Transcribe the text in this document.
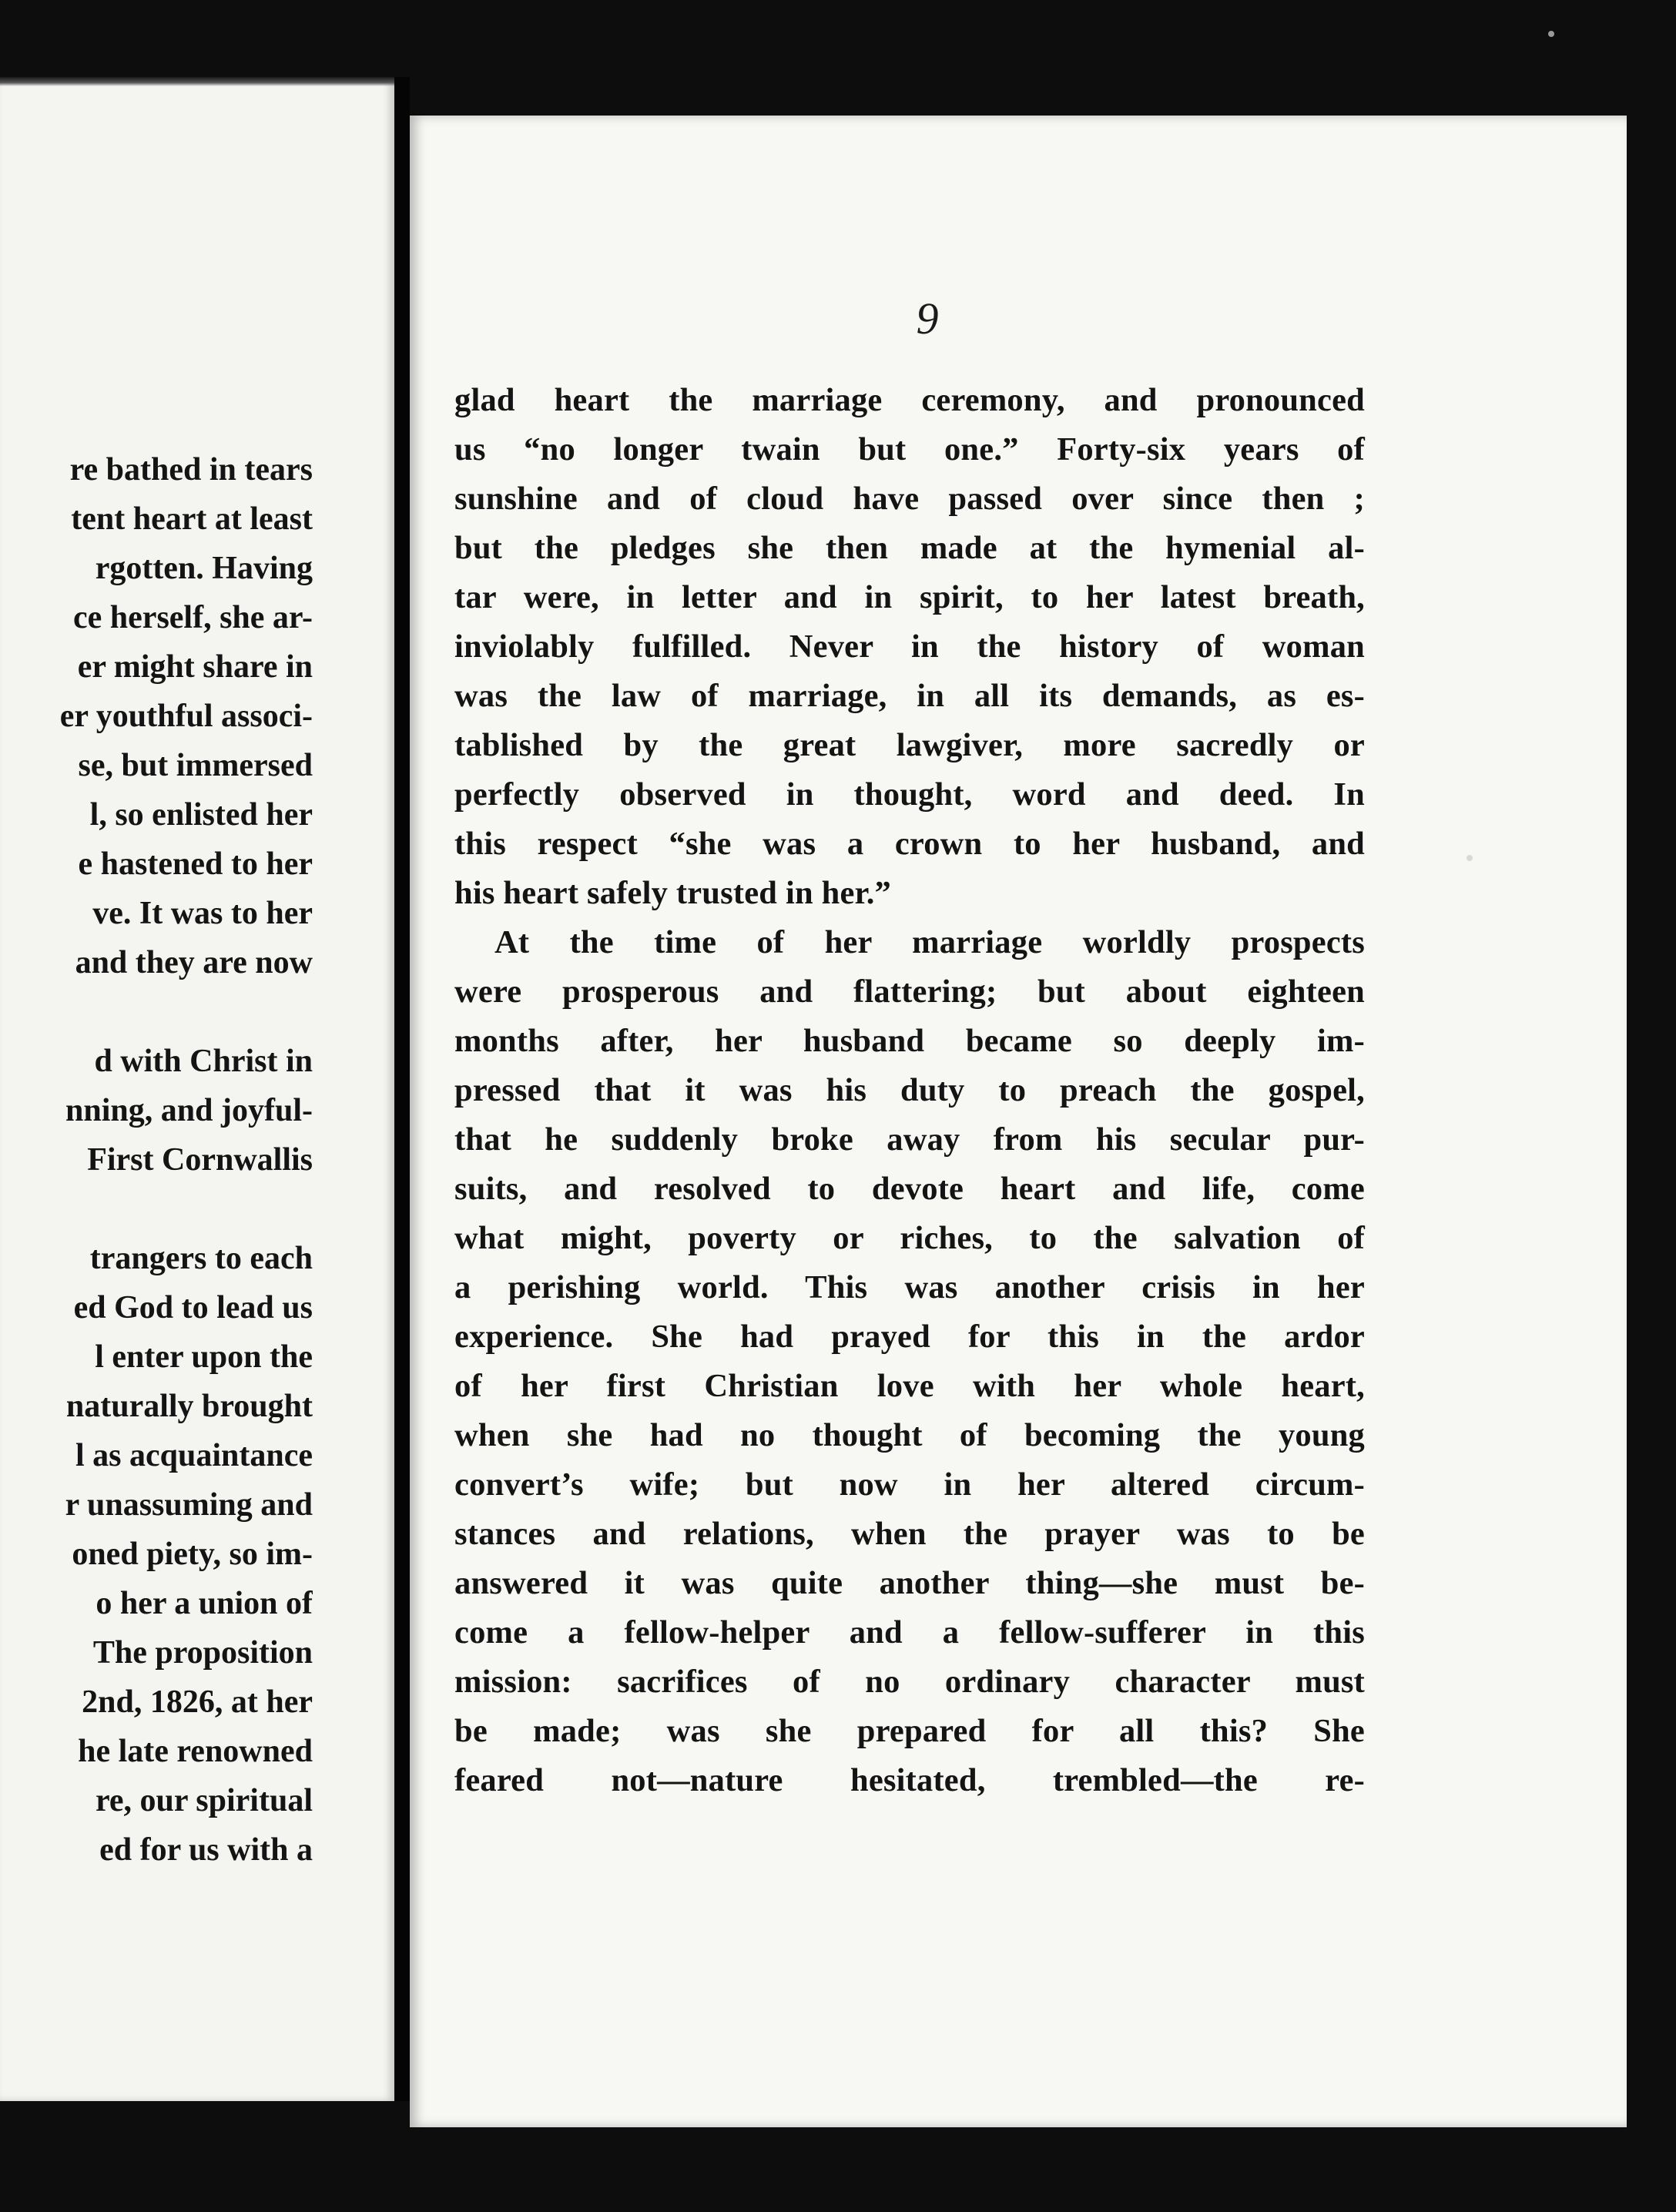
re bathed in tears
tent heart at least
rgotten. Having
ce herself, she ar-
er might share in
er youthful associ-
se, but immersed
l, so enlisted her
e hastened to her
ve. It was to her
and they are now
d with Christ in
nning, and joyful-
First Cornwallis
trangers to each
ed God to lead us
l enter upon the
naturally brought
l as acquaintance
r unassuming and
oned piety, so im-
o her a union of
The proposition
2nd, 1826, at her
he late renowned
re, our spiritual
ed for us with a
9
glad heart the marriage ceremony, and pronounced
us “no longer twain but one.” Forty-six years of
sunshine and of cloud have passed over since then ;
but the pledges she then made at the hymenial al-
tar were, in letter and in spirit, to her latest breath,
inviolably fulfilled. Never in the history of woman
was the law of marriage, in all its demands, as es-
tablished by the great lawgiver, more sacredly or
perfectly observed in thought, word and deed. In
this respect “she was a crown to her husband, and
his heart safely trusted in her.”
At the time of her marriage worldly prospects
were prosperous and flattering; but about eighteen
months after, her husband became so deeply im-
pressed that it was his duty to preach the gospel,
that he suddenly broke away from his secular pur-
suits, and resolved to devote heart and life, come
what might, poverty or riches, to the salvation of
a perishing world. This was another crisis in her
experience. She had prayed for this in the ardor
of her first Christian love with her whole heart,
when she had no thought of becoming the young
convert’s wife; but now in her altered circum-
stances and relations, when the prayer was to be
answered it was quite another thing—she must be-
come a fellow-helper and a fellow-sufferer in this
mission: sacrifices of no ordinary character must
be made; was she prepared for all this? She
feared not—nature hesitated, trembled—the re-
